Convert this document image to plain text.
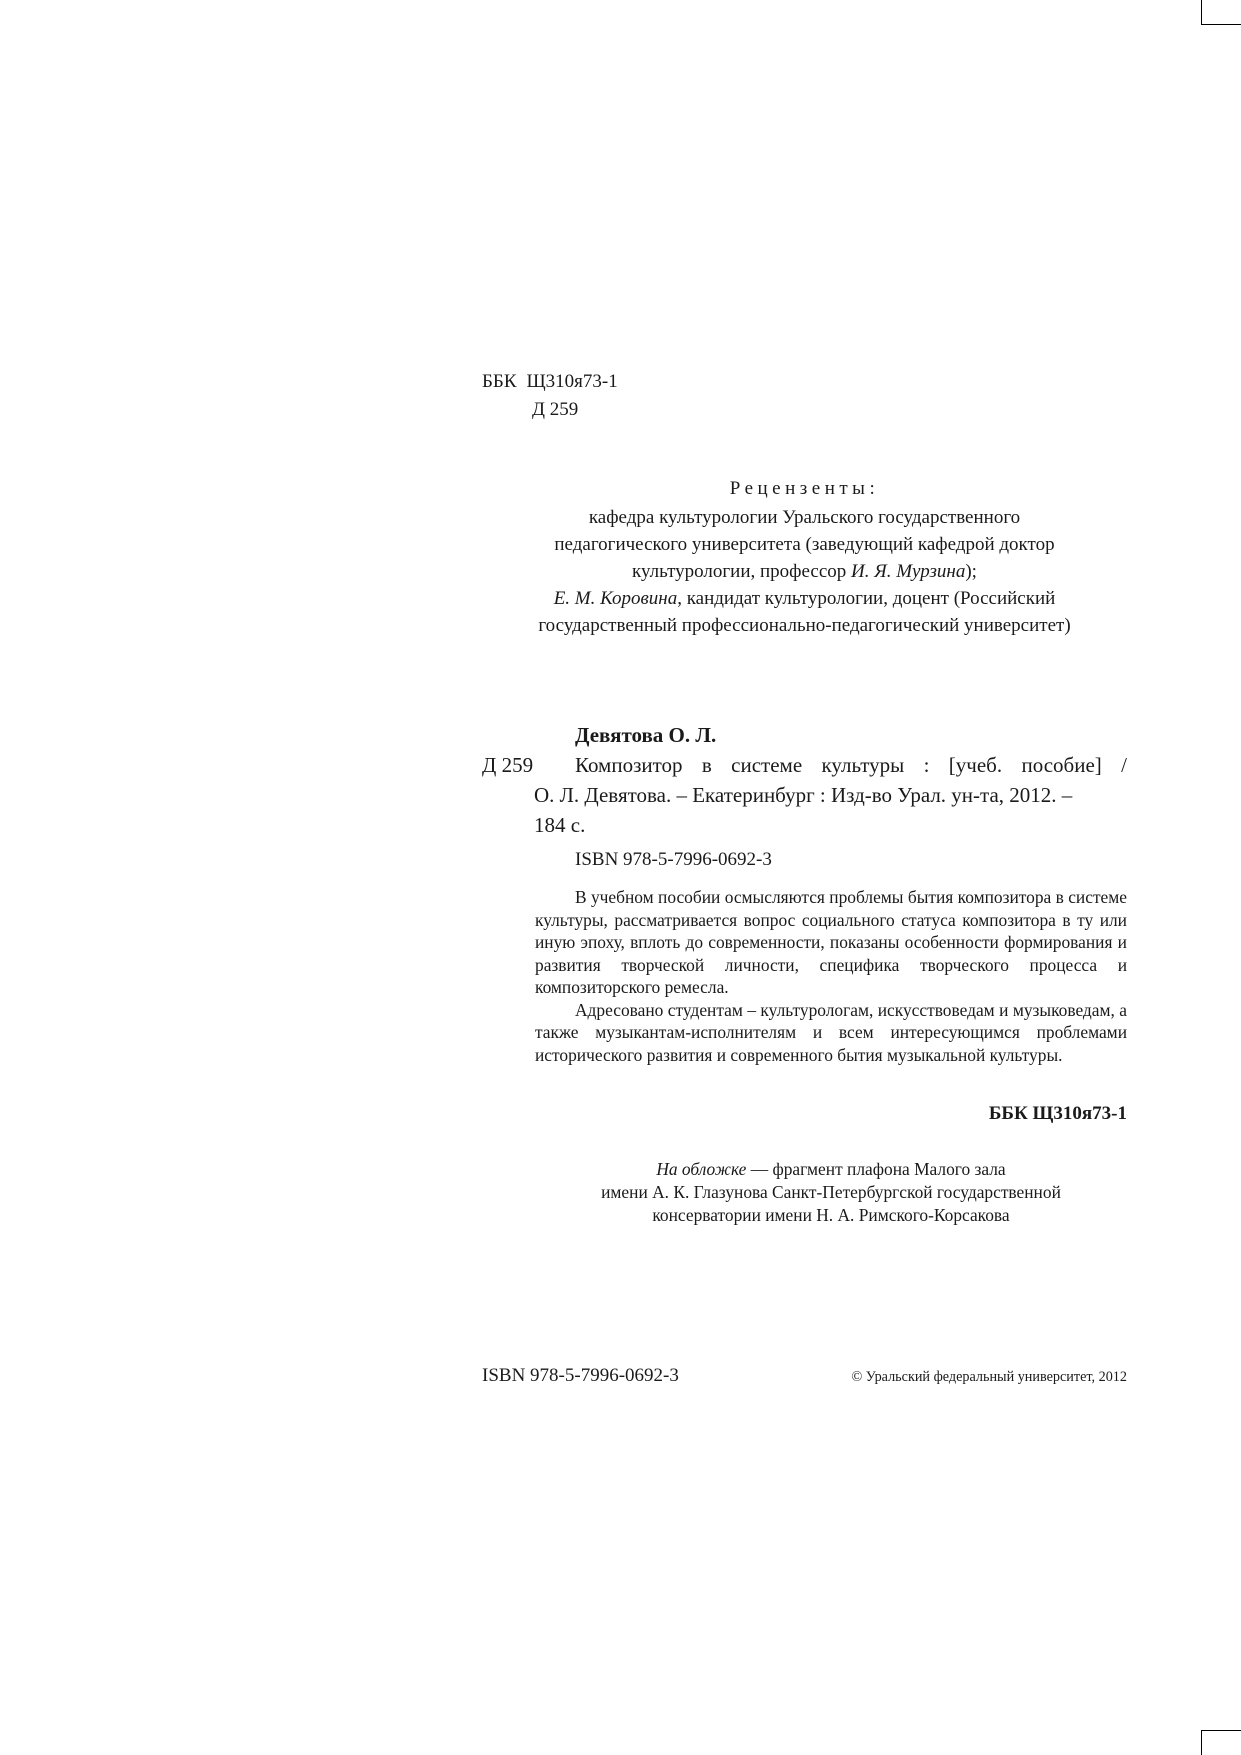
ББК Щ310я73-1
Д 259
Рецензенты:
кафедра культурологии Уральского государственного
педагогического университета (заведующий кафедрой доктор
культурологии, профессор И. Я. Мурзина);
Е. М. Коровина, кандидат культурологии, доцент (Российский
государственный профессионально-педагогический университет)
Девятова О. Л.
Д 259	Композитор в системе культуры : [учеб. пособие] /
О. Л. Девятова. – Екатеринбург : Изд-во Урал. ун-та, 2012. –
184 с.
ISBN 978-5-7996-0692-3

В учебном пособии осмысляются проблемы бытия композитора в системе культуры, рассматривается вопрос социального статуса композитора в ту или иную эпоху, вплоть до современности, показаны особенности формирования и развития творческой личности, специфика творческого процесса и композиторского ремесла.

Адресовано студентам – культурологам, искусствоведам и музыковедам, а также музыкантам-исполнителям и всем интересующимся проблемами исторического развития и современного бытия музыкальной культуры.

ББК Щ310я73-1
На обложке — фрагмент плафона Малого зала
имени А. К. Глазунова Санкт-Петербургской государственной
консерватории имени Н. А. Римского-Корсакова
ISBN 978-5-7996-0692-3	© Уральский федеральный университет, 2012
